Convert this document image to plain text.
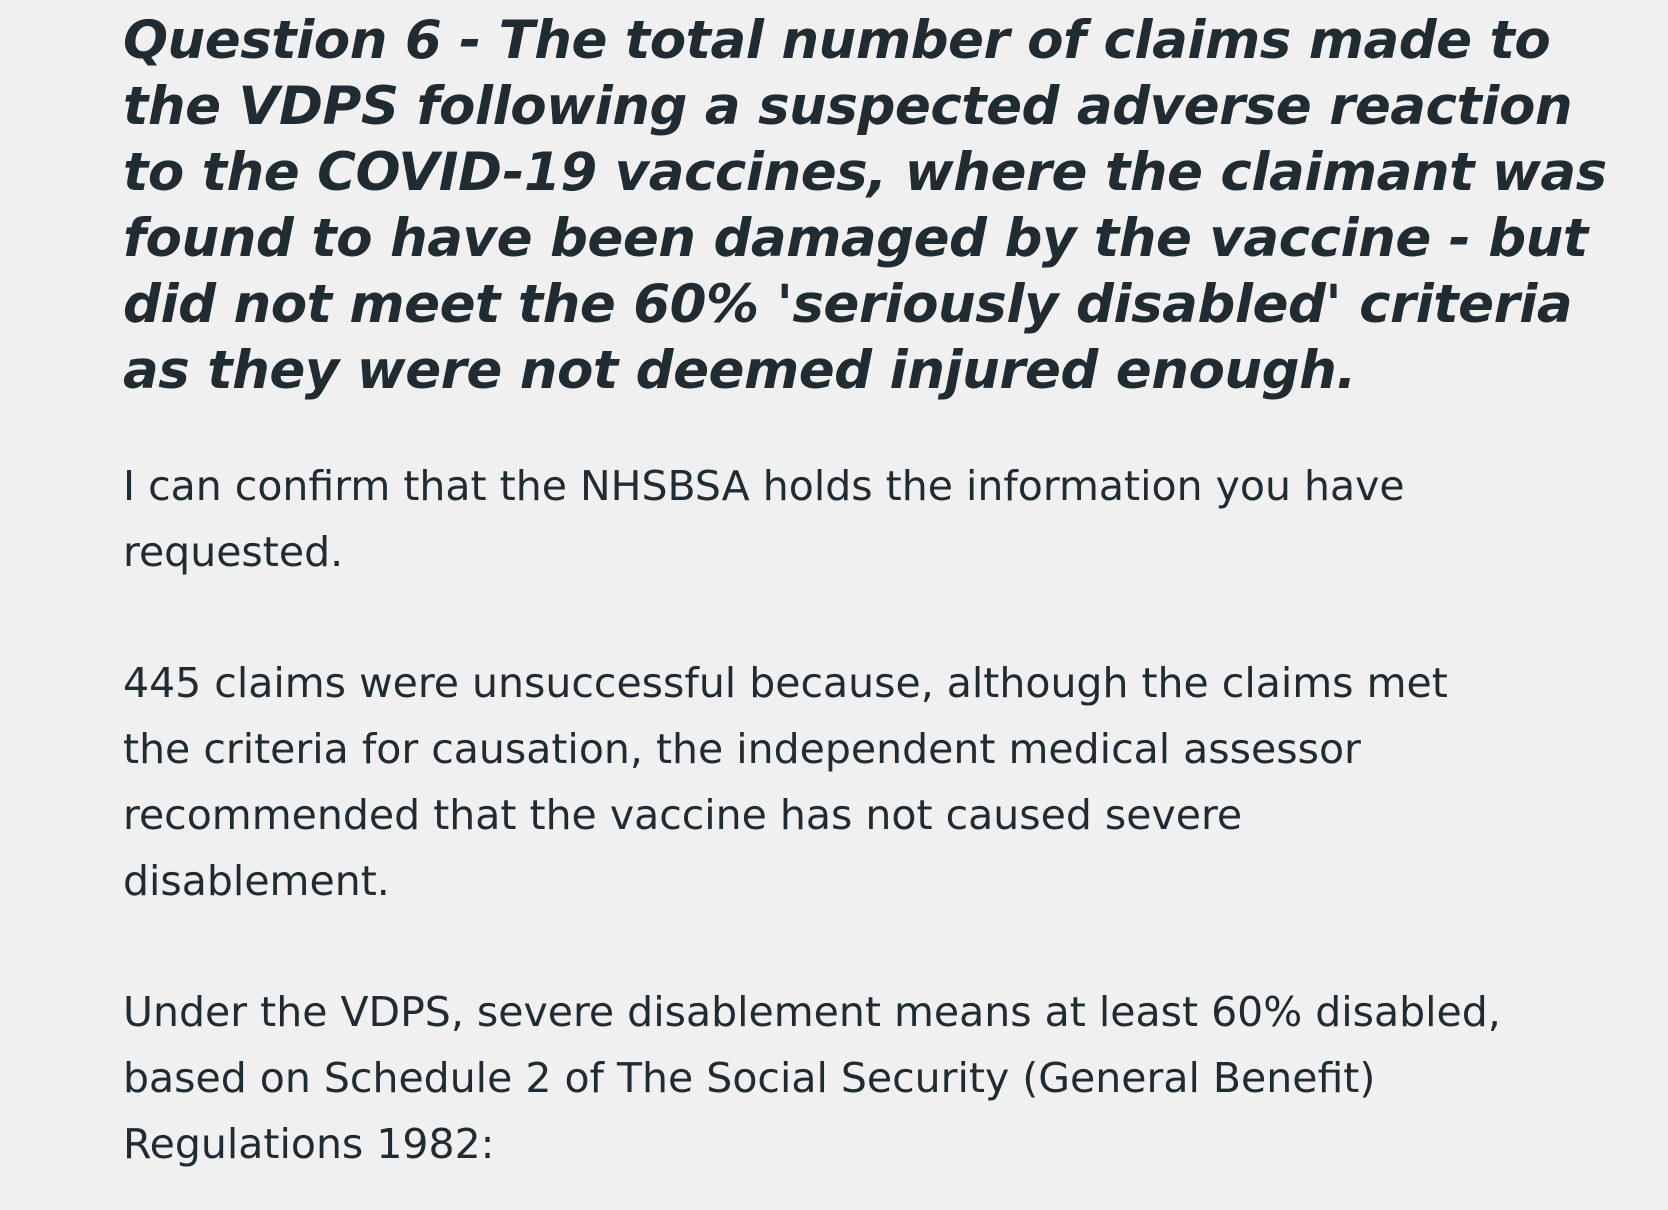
Question 6 - The total number of claims made to
the VDPS following a suspected adverse reaction
to the COVID-19 vaccines, where the claimant was
found to have been damaged by the vaccine - but
did not meet the 60% 'seriously disabled' criteria
as they were not deemed injured enough.

I can confirm that the NHSBSA holds the information you have
requested.

445 claims were unsuccessful because, although the claims met
the criteria for causation, the independent medical assessor
recommended that the vaccine has not caused severe
disablement.

Under the VDPS, severe disablement means at least 60% disabled,
based on Schedule 2 of The Social Security (General Benefit)
Regulations 1982:
